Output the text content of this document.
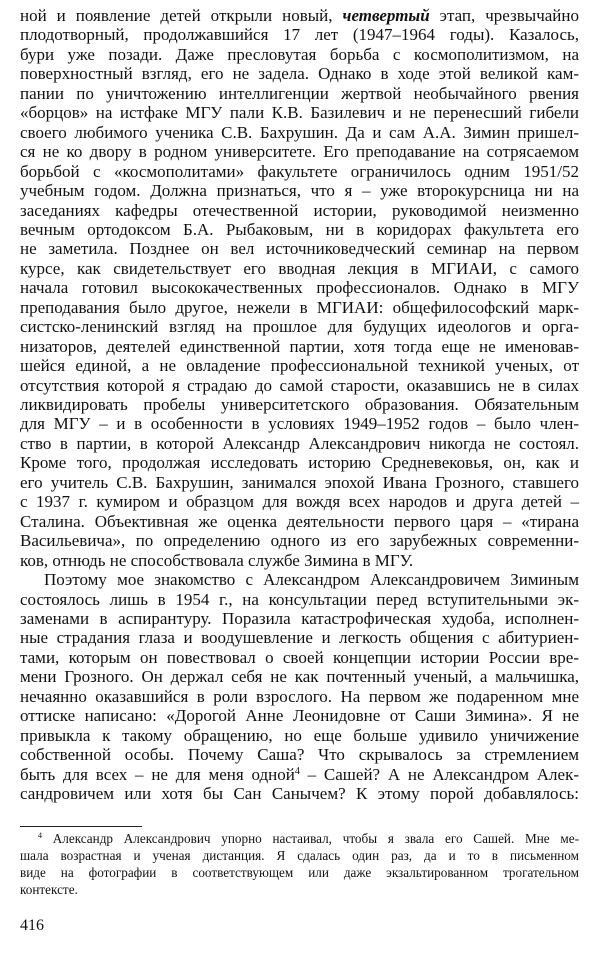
ной и появление детей открыли новый, четвертый этап, чрезвычайно
плодотворный, продолжавшийся 17 лет (1947–1964 годы). Казалось,
бури уже позади. Даже пресловутая борьба с космополитизмом, на
поверхностный взгляд, его не задела. Однако в ходе этой великой кам-
пании по уничтожению интеллигенции жертвой необычайного рвения
«борцов» на истфаке МГУ пали К.В. Базилевич и не перенесший гибели
своего любимого ученика С.В. Бахрушин. Да и сам А.А. Зимин пришел-
ся не ко двору в родном университете. Его преподавание на сотрясаемом
борьбой с «космополитами» факультете ограничилось одним 1951/52
учебным годом. Должна признаться, что я – уже второкурсница ни на
заседаниях кафедры отечественной истории, руководимой неизменно
вечным ортодоксом Б.А. Рыбаковым, ни в коридорах факультета его
не заметила. Позднее он вел источниковедческий семинар на первом
курсе, как свидетельствует его вводная лекция в МГИАИ, с самого
начала готовил высококачественных профессионалов. Однако в МГУ
преподавания было другое, нежели в МГИАИ: общефилософский марк-
систско-ленинский взгляд на прошлое для будущих идеологов и орга-
низаторов, деятелей единственной партии, хотя тогда еще не именовав-
шейся единой, а не овладение профессиональной техникой ученых, от
отсутствия которой я страдаю до самой старости, оказавшись не в силах
ликвидировать пробелы университетского образования. Обязательным
для МГУ – и в особенности в условиях 1949–1952 годов – было член-
ство в партии, в которой Александр Александрович никогда не состоял.
Кроме того, продолжая исследовать историю Средневековья, он, как и
его учитель С.В. Бахрушин, занимался эпохой Ивана Грозного, ставшего
с 1937 г. кумиром и образцом для вождя всех народов и друга детей –
Сталина. Объективная же оценка деятельности первого царя – «тирана
Васильевича», по определению одного из его зарубежных современни-
ков, отнюдь не способствовала службе Зимина в МГУ.
Поэтому мое знакомство с Александром Александровичем Зиминым
состоялось лишь в 1954 г., на консультации перед вступительными эк-
заменами в аспирантуру. Поразила катастрофическая худоба, исполнен-
ные страдания глаза и воодушевление и легкость общения с абитуриен-
тами, которым он повествовал о своей концепции истории России вре-
мени Грозного. Он держал себя не как почтенный ученый, а мальчишка,
нечаянно оказавшийся в роли взрослого. На первом же подаренном мне
оттиске написано: «Дорогой Анне Леонидовне от Саши Зимина». Я не
привыкла к такому обращению, но еще больше удивило уничижение
собственной особы. Почему Саша? Что скрывалось за стремлением
быть для всех – не для меня одной$^4$ – Сашей? А не Александром Алек-
сандровичем или хотя бы Сан Санычем? К этому порой добавлялось:
$^4$ Александр Александрович упорно настаивал, чтобы я звала его Сашей. Мне ме-
шала возрастная и ученая дистанция. Я сдалась один раз, да и то в письменном
виде на фотографии в соответствующем или даже экзальтированном трогательном
контексте.
416
